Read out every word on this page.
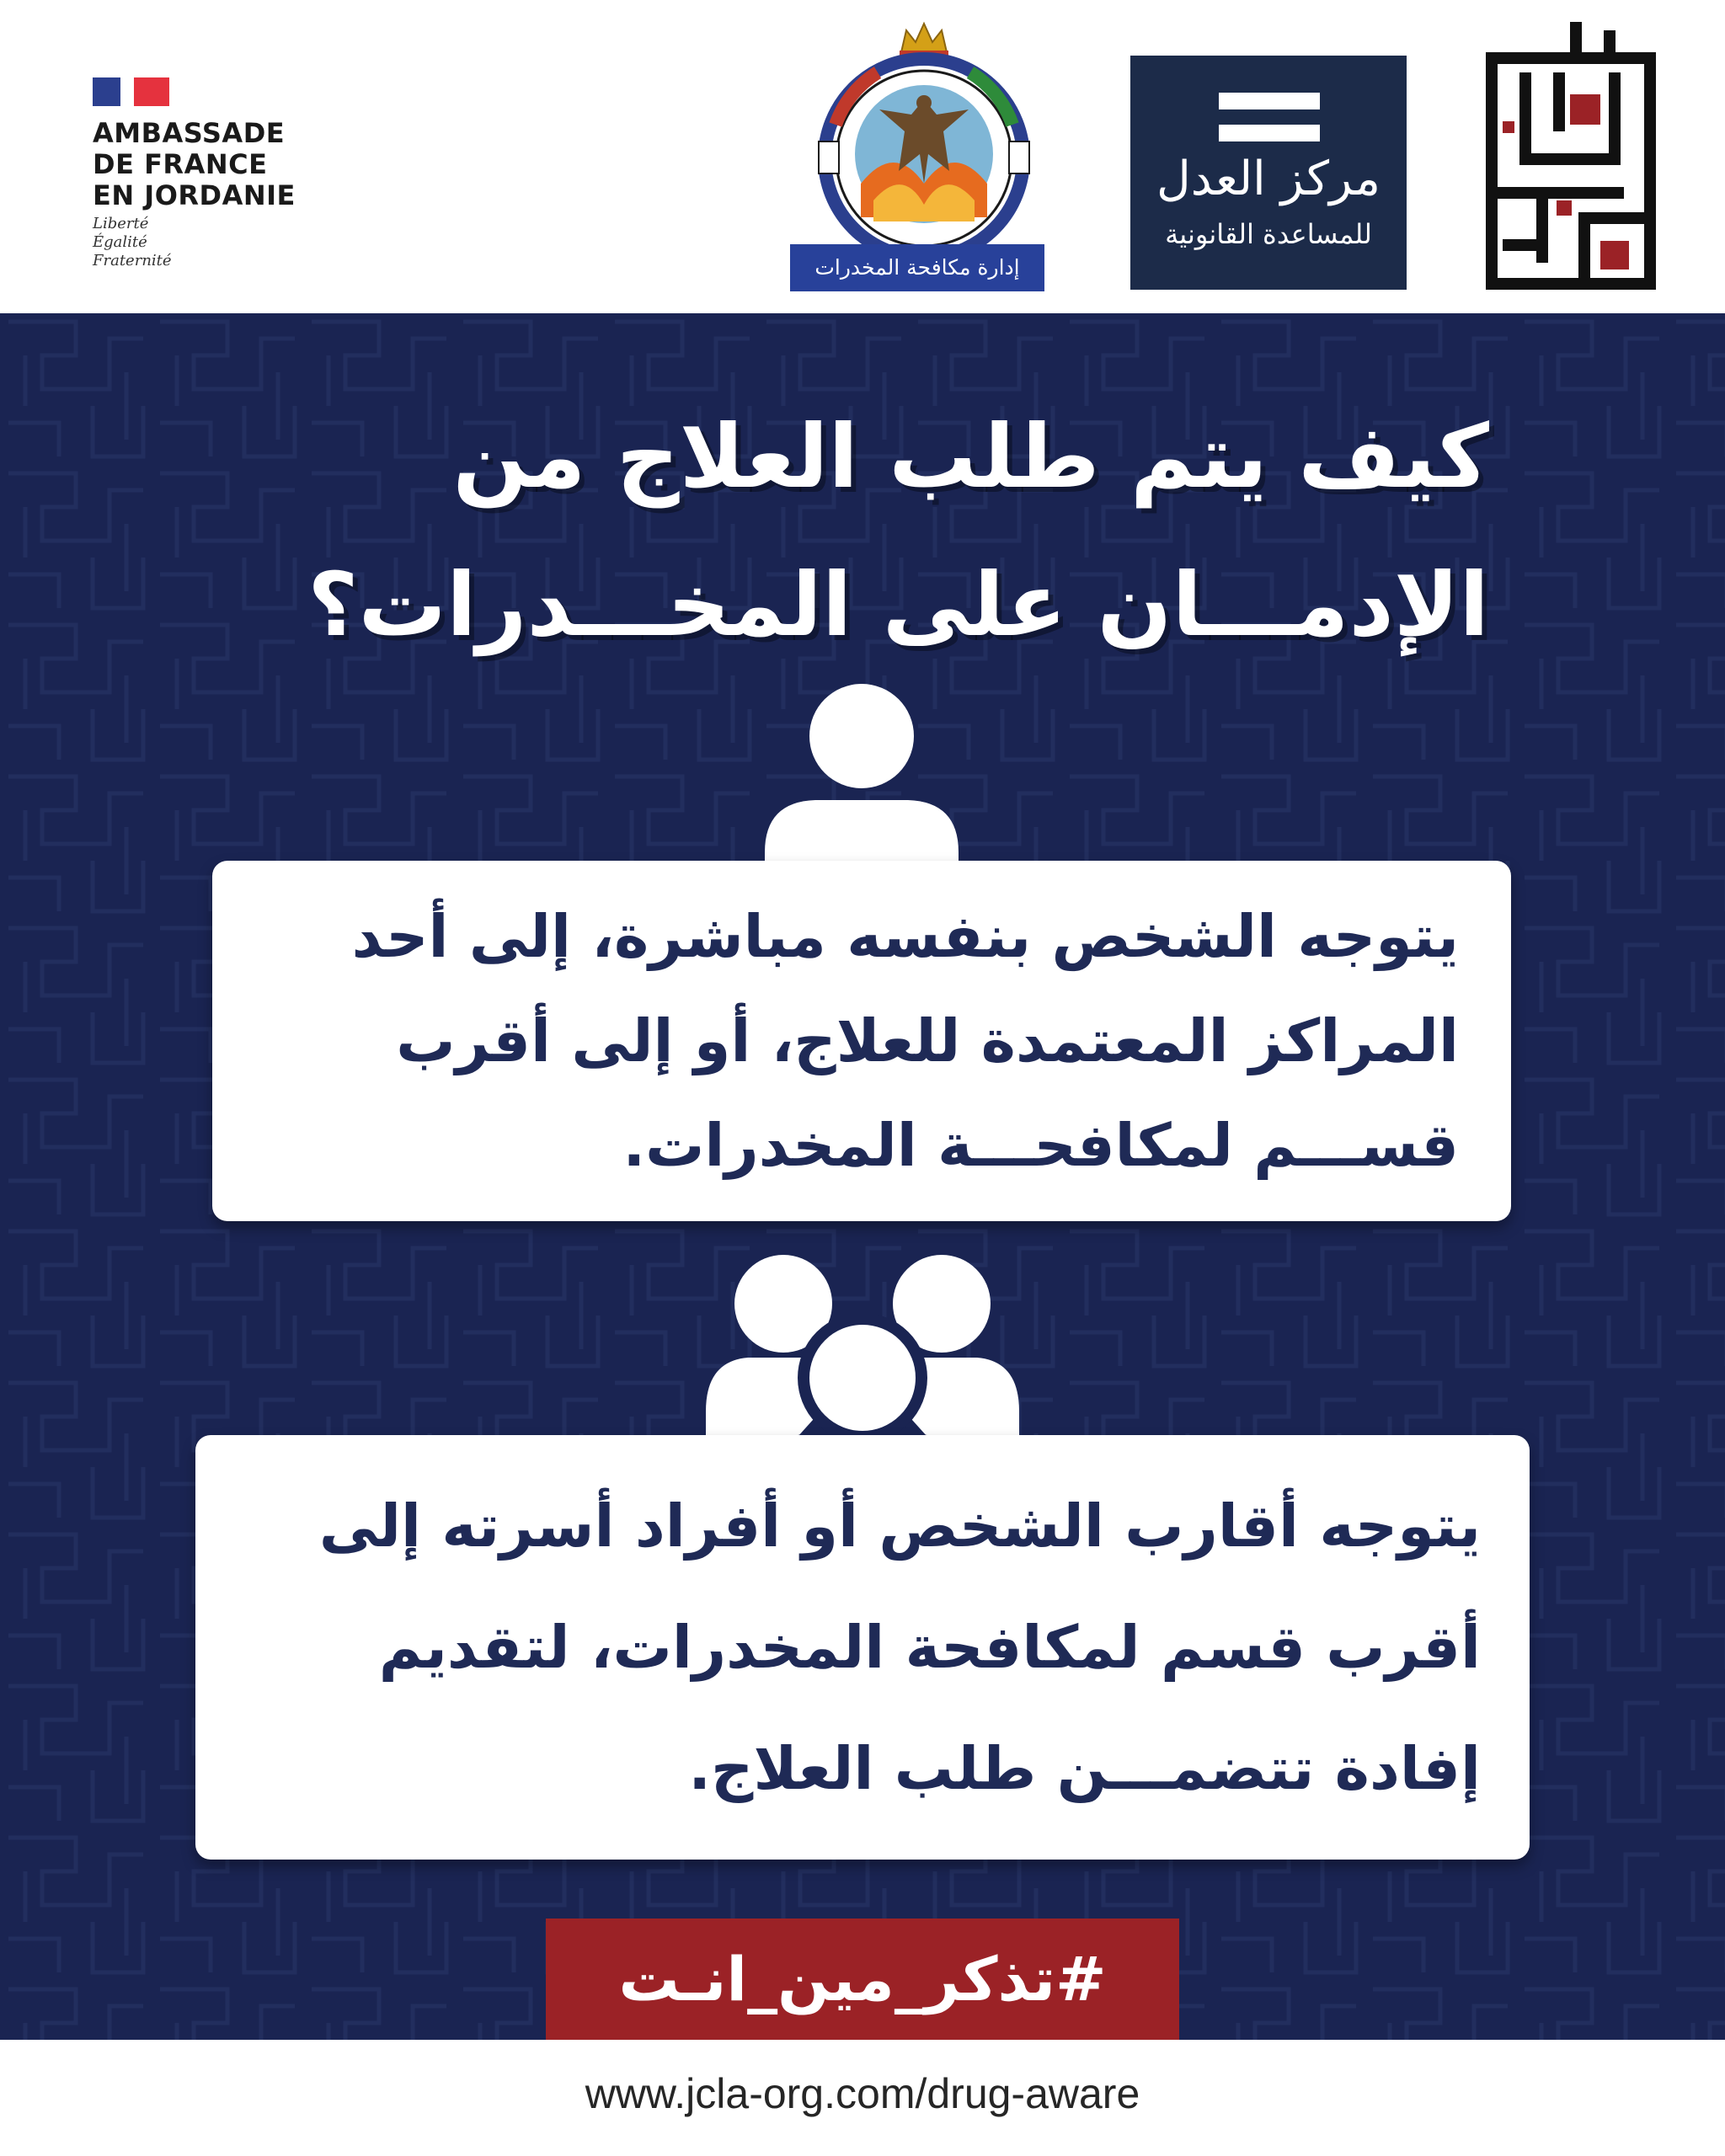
AMBASSADE
DE FRANCE
EN JORDANIE
Liberté
Égalité
Fraternité	إدارة مكافحة المخدرات
مركز العدل
للمساعدة القانونية
كيف يتم طلب العلاج من الإدمـــان على المخـــدرات؟
يتوجه الشخص بنفسه مباشرة، إلى أحد المراكز المعتمدة للعلاج، أو إلى أقرب قســـم لمكافحـــة المخدرات.
يتوجه أقارب الشخص أو أفراد أسرته إلى أقرب قسم لمكافحة المخدرات، لتقديم إفادة تتضمـــن طلب العلاج.
#تذكر_مين_انـت
www.jcla-org.com/drug-aware
